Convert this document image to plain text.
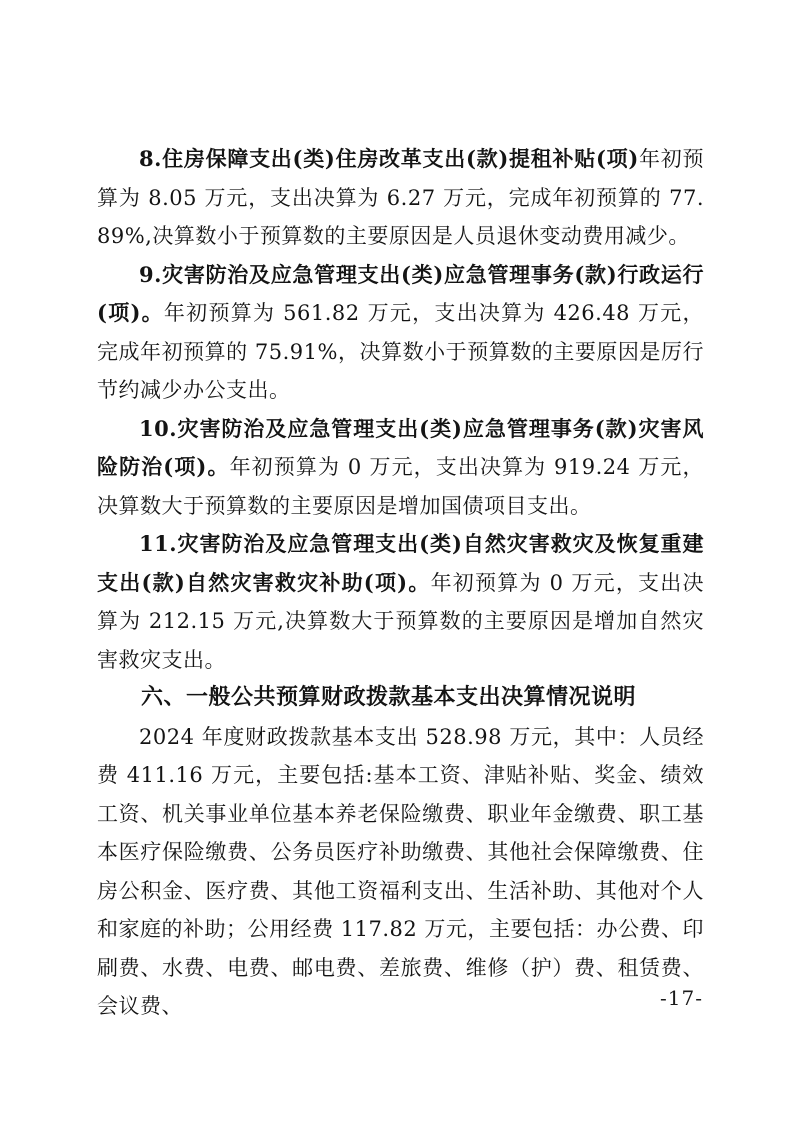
8.住房保障支出(类)住房改革支出(款)提租补贴(项)年初预算为 8.05 万元，支出决算为 6.27 万元，完成年初预算的 77.89%,决算数小于预算数的主要原因是人员退休变动费用减少。

9.灾害防治及应急管理支出(类)应急管理事务(款)行政运行(项)。年初预算为 561.82 万元，支出决算为 426.48 万元，完成年初预算的 75.91%，决算数小于预算数的主要原因是厉行节约减少办公支出。

10.灾害防治及应急管理支出(类)应急管理事务(款)灾害风险防治(项)。年初预算为 0 万元，支出决算为 919.24 万元，决算数大于预算数的主要原因是增加国债项目支出。

11.灾害防治及应急管理支出(类)自然灾害救灾及恢复重建支出(款)自然灾害救灾补助(项)。年初预算为 0 万元，支出决算为 212.15 万元,决算数大于预算数的主要原因是增加自然灾害救灾支出。

六、一般公共预算财政拨款基本支出决算情况说明

2024 年度财政拨款基本支出 528.98 万元，其中：人员经费 411.16 万元，主要包括:基本工资、津贴补贴、奖金、绩效工资、机关事业单位基本养老保险缴费、职业年金缴费、职工基本医疗保险缴费、公务员医疗补助缴费、其他社会保障缴费、住房公积金、医疗费、其他工资福利支出、生活补助、其他对个人和家庭的补助；公用经费 117.82 万元，主要包括：办公费、印刷费、水费、电费、邮电费、差旅费、维修（护）费、租赁费、会议费、	-17-
